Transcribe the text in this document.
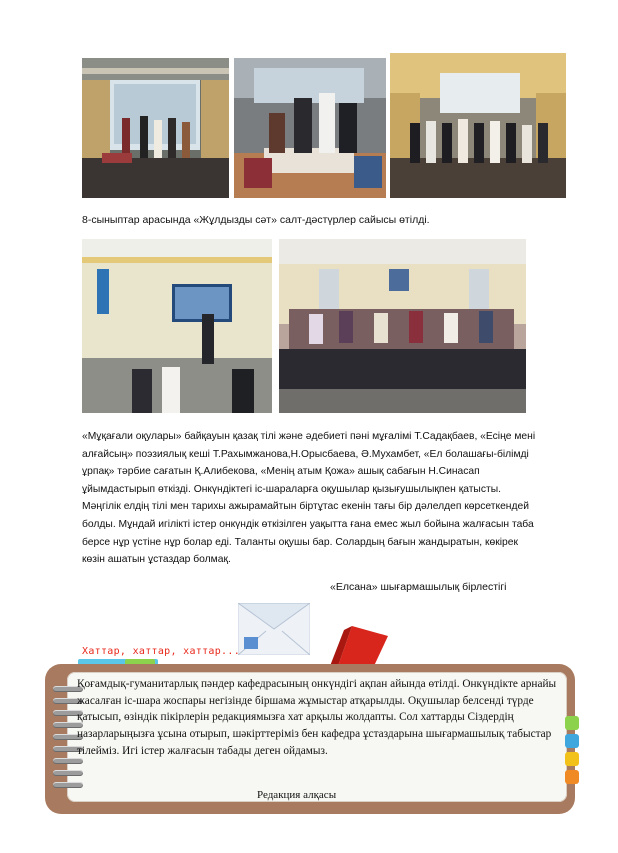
8-сыныптар арасында «Жұлдызды сәт» салт-дәстүрлер сайысы өтілді.

«Мұқағали оқулары» байқауын қазақ тілі және әдебиеті пәні мұғалімі Т.Садақбаев, «Есіңе мені алғайсың» поэзиялық кеші Т.Рахымжанова,Н.Орысбаева, Ә.Мухамбет, «Ел болашағы-білімді ұрпақ» тәрбие сағатын Қ.Алибекова, «Менің атым Қожа» ашық сабағын Н.Синасап ұйымдастырып өткізді. Онкүндіктегі іс-шараларға оқушылар қызығушылықпен қатысты. Мәңгілік елдің тілі мен тарихы ажырамайтын біртұтас екенін тағы бір дәлелдеп көрсеткендей болды. Мұндай игілікті істер онкүндік өткізілген уақытта ғана емес жыл бойына жалғасын таба берсе нұр үстіне нұр болар еді. Таланты оқушы бар. Солардың бағын жандыратын, көкірек көзін ашатын ұстаздар болмақ.

«Елсана» шығармашылық бірлестігі

Хаттар, хаттар, хаттар...

Қоғамдық-гуманитарлық пәндер кафедрасының онкүндігі ақпан айында өтілді. Онкүндікте арнайы жасалған іс-шара жоспары негізінде біршама жұмыстар атқарылды. Оқушылар белсенді түрде қатысып, өзіндік пікірлерін редакциямызға хат арқылы жолдапты. Сол хаттарды Сіздердің назарларыңызға ұсына отырып, шәкірттеріміз бен кафедра ұстаздарына шығармашылық табыстар тілейміз. Игі істер жалғасын табады деген ойдамыз.

Редакция алқасы
